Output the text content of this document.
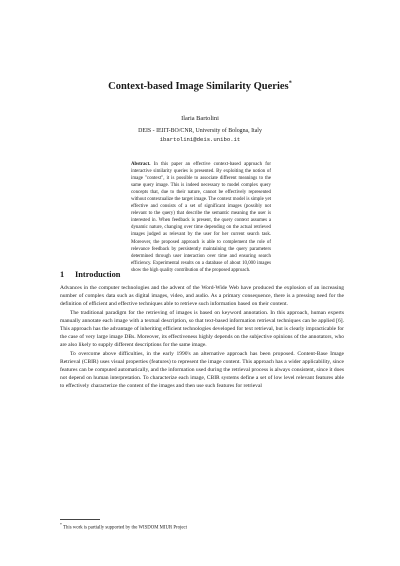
Context-based Image Similarity Queries*
Ilaria Bartolini
DEIS - IEIIT-BO/CNR, University of Bologna, Italy
ibartolini@deis.unibo.it
Abstract. In this paper an effective context-based approach for interactive similarity queries is presented. By exploiting the notion of image "context", it is possible to associate different meanings to the same query image. This is indeed necessary to model complex query concepts that, due to their nature, cannot be effectively represented without contextualize the target image. The context model is simple yet effective and consists of a set of significant images (possibly not relevant to the query) that describe the semantic meaning the user is interested in. When feedback is present, the query context assumes a dynamic nature, changing over time depending on the actual retrieved images judged as relevant by the user for her current search task. Moreover, the proposed approach is able to complement the role of relevance feedback by persistently maintaining the query parameters determined through user interaction over time and ensuring search efficiency. Experimental results on a database of about 10,000 images show the high quality contribution of the proposed approach.
1 Introduction

Advances in the computer technologies and the advent of the Word-Wide Web have produced the explosion of an increasing number of complex data such as digital images, video, and audio. As a primary consequence, there is a pressing need for the definition of efficient and effective techniques able to retrieve such information based on their content.

The traditional paradigm for the retrieving of images is based on keyword annotation. In this approach, human experts manually annotate each image with a textual description, so that text-based information retrieval techniques can be applied [6]. This approach has the advantage of inheriting efficient technologies developed for text retrieval, but is clearly impracticable for the case of very large image DBs. Moreover, its effectiveness highly depends on the subjective opinions of the annotators, who are also likely to supply different descriptions for the same image.

To overcome above difficulties, in the early 1990's an alternative approach has been proposed. Content-Base Image Retrieval (CBIR) uses visual properties (features) to represent the image content. This approach has a wider applicability, since features can be computed automatically, and the information used during the retrieval process is always consistent, since it does not depend on human interpretation. To characterize each image, CBIR systems define a set of low level relevant features able to effectively characterize the content of the images and then use such features for retrieval

* This work is partially supported by the WISDOM MIUR Project
